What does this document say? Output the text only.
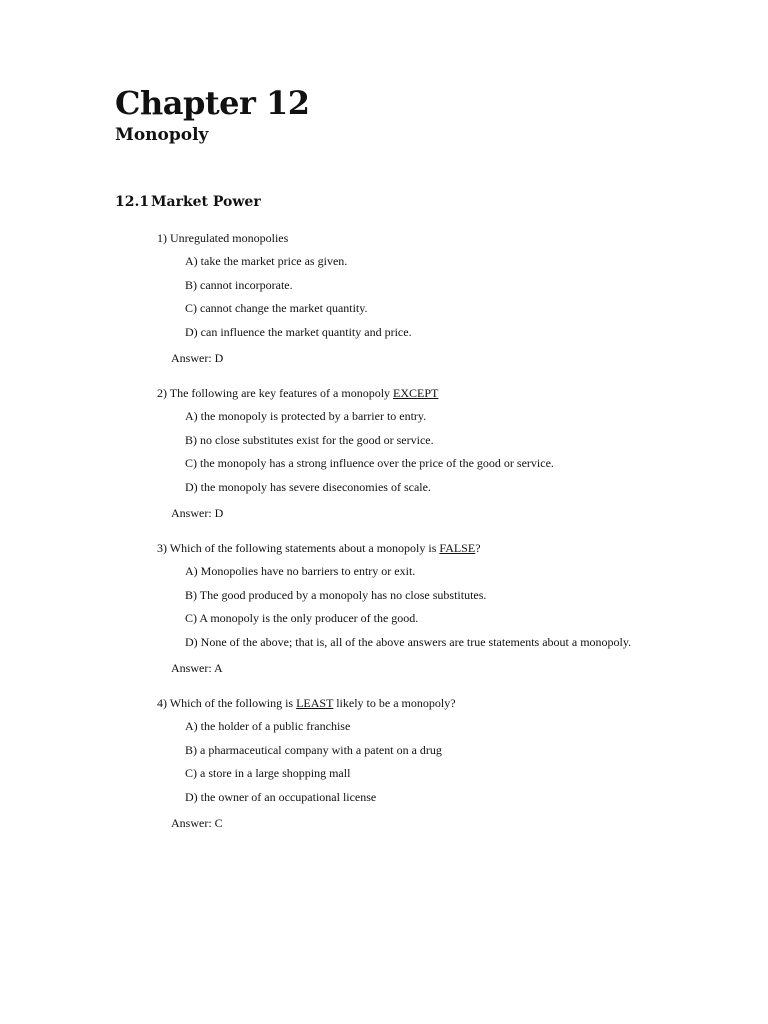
Chapter 12
Monopoly
12.1 Market Power
1) Unregulated monopolies
A) take the market price as given.
B) cannot incorporate.
C) cannot change the market quantity.
D) can influence the market quantity and price.
Answer: D
2) The following are key features of a monopoly EXCEPT
A) the monopoly is protected by a barrier to entry.
B) no close substitutes exist for the good or service.
C) the monopoly has a strong influence over the price of the good or service.
D) the monopoly has severe diseconomies of scale.
Answer: D
3) Which of the following statements about a monopoly is FALSE?
A) Monopolies have no barriers to entry or exit.
B) The good produced by a monopoly has no close substitutes.
C) A monopoly is the only producer of the good.
D) None of the above; that is, all of the above answers are true statements about a monopoly.
Answer: A
4) Which of the following is LEAST likely to be a monopoly?
A) the holder of a public franchise
B) a pharmaceutical company with a patent on a drug
C) a store in a large shopping mall
D) the owner of an occupational license
Answer: C
